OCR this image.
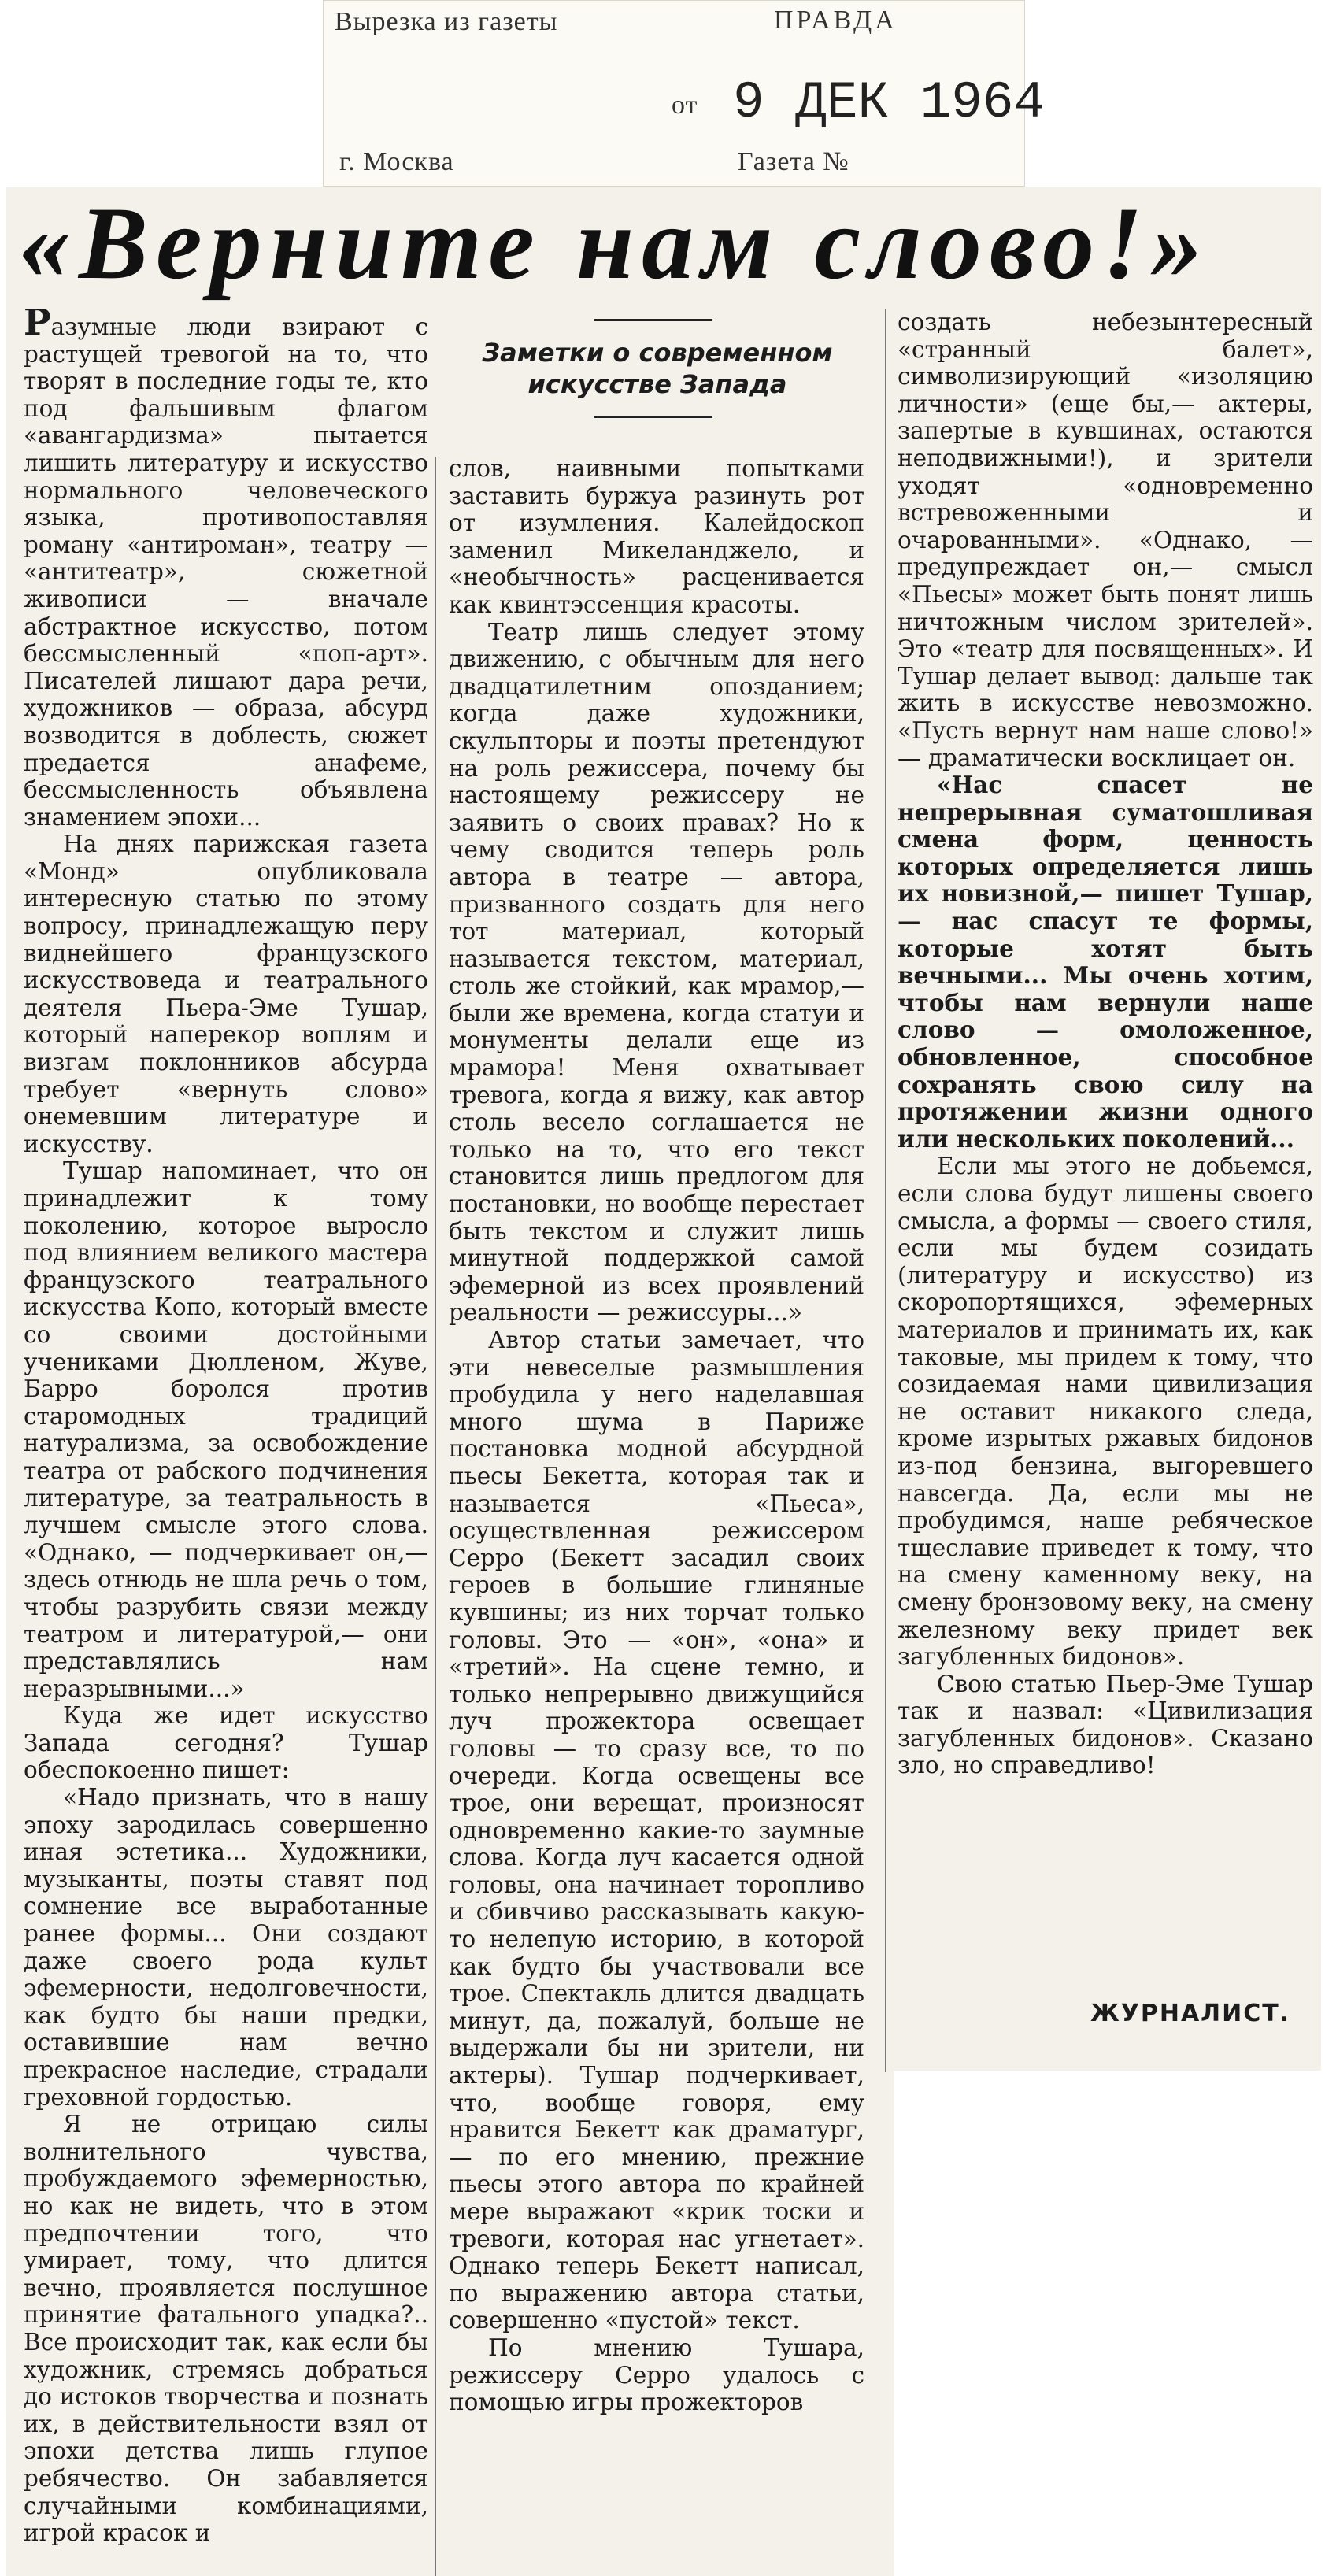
Вырезка из газеты	ПРАВДА
от 9 ДЕК 1964
г. Москва	Газета №
«Верните нам слово!»

Разумные люди взирают с растущей тревогой на то, что творят в последние годы те, кто под фальшивым флагом «авангардизма» пытается лишить литературу и искусство нормального человеческого языка, противопоставляя роману «антироман», театру — «антитеатр», сюжетной живописи — вначале абстрактное искусство, потом бессмысленный «поп-арт». Писателей лишают дара речи, художников — образа, абсурд возводится в доблесть, сюжет предается анафеме, бессмысленность объявлена знамением эпохи...

На днях парижская газета «Монд» опубликовала интересную статью по этому вопросу, принадлежащую перу виднейшего французского искусствоведа и театрального деятеля Пьера-Эме Тушар, который наперекор воплям и визгам поклонников абсурда требует «вернуть слово» онемевшим литературе и искусству.

Тушар напоминает, что он принадлежит к тому поколению, которое выросло под влиянием великого мастера французского театрального искусства Копо, который вместе со своими достойными учениками Дюлленом, Жуве, Барро боролся против старомодных традиций натурализма, за освобождение театра от рабского подчинения литературе, за театральность в лучшем смысле этого слова. «Однако, — подчеркивает он,— здесь отнюдь не шла речь о том, чтобы разрубить связи между театром и литературой,— они представлялись нам неразрывными...»

Куда же идет искусство Запада сегодня? Тушар обеспокоенно пишет:

«Надо признать, что в нашу эпоху зародилась совершенно иная эстетика... Художники, музыканты, поэты ставят под сомнение все выработанные ранее формы... Они создают даже своего рода культ эфемерности, недолговечности, как будто бы наши предки, оставившие нам вечно прекрасное наследие, страдали греховной гордостью.

Я не отрицаю силы волнительного чувства, пробуждаемого эфемерностью, но как не видеть, что в этом предпочтении того, что умирает, тому, что длится вечно, проявляется послушное принятие фатального упадка?.. Все происходит так, как если бы художник, стремясь добраться до истоков творчества и познать их, в действительности взял от эпохи детства лишь глупое ребячество. Он забавляется случайными комбинациями, игрой красок и

Заметки о современном искусстве Запада

слов, наивными попытками заставить буржуа разинуть рот от изумления. Калейдоскоп заменил Микеланджело, и «необычность» расценивается как квинтэссенция красоты.

Театр лишь следует этому движению, с обычным для него двадцатилетним опозданием; когда даже художники, скульпторы и поэты претендуют на роль режиссера, почему бы настоящему режиссеру не заявить о своих правах? Но к чему сводится теперь роль автора в театре — автора, призванного создать для него тот материал, который называется текстом, материал, столь же стойкий, как мрамор,— были же времена, когда статуи и монументы делали еще из мрамора! Меня охватывает тревога, когда я вижу, как автор столь весело соглашается не только на то, что его текст становится лишь предлогом для постановки, но вообще перестает быть текстом и служит лишь минутной поддержкой самой эфемерной из всех проявлений реальности — режиссуры...»

Автор статьи замечает, что эти невеселые размышления пробудила у него наделавшая много шума в Париже постановка модной абсурдной пьесы Бекетта, которая так и называется «Пьеса», осуществленная режиссером Серро (Бекетт засадил своих героев в большие глиняные кувшины; из них торчат только головы. Это — «он», «она» и «третий». На сцене темно, и только непрерывно движущийся луч прожектора освещает головы — то сразу все, то по очереди. Когда освещены все трое, они верещат, произносят одновременно какие-то заумные слова. Когда луч касается одной головы, она начинает торопливо и сбивчиво рассказывать какую-то нелепую историю, в которой как будто бы участвовали все трое. Спектакль длится двадцать минут, да, пожалуй, больше не выдержали бы ни зрители, ни актеры). Тушар подчеркивает, что, вообще говоря, ему нравится Бекетт как драматург,— по его мнению, прежние пьесы этого автора по крайней мере выражают «крик тоски и тревоги, которая нас угнетает». Однако теперь Бекетт написал, по выражению автора статьи, совершенно «пустой» текст.

По мнению Тушара, режиссеру Серро удалось с помощью игры прожекторов

создать небезынтересный «странный балет», символизирующий «изоляцию личности» (еще бы,— актеры, запертые в кувшинах, остаются неподвижными!), и зрители уходят «одновременно встревоженными и очарованными». «Однако, — предупреждает он,— смысл «Пьесы» может быть понят лишь ничтожным числом зрителей». Это «театр для посвященных». И Тушар делает вывод: дальше так жить в искусстве невозможно. «Пусть вернут нам наше слово!» — драматически восклицает он.

«Нас спасет не непрерывная суматошливая смена форм, ценность которых определяется лишь их новизной,— пишет Тушар,— нас спасут те формы, которые хотят быть вечными... Мы очень хотим, чтобы нам вернули наше слово — омоложенное, обновленное, способное сохранять свою силу на протяжении жизни одного или нескольких поколений...

Если мы этого не добьемся, если слова будут лишены своего смысла, а формы — своего стиля, если мы будем созидать (литературу и искусство) из скоропортящихся, эфемерных материалов и принимать их, как таковые, мы придем к тому, что созидаемая нами цивилизация не оставит никакого следа, кроме изрытых ржавых бидонов из-под бензина, выгоревшего навсегда. Да, если мы не пробудимся, наше ребяческое тщеславие приведет к тому, что на смену каменному веку, на смену бронзовому веку, на смену железному веку придет век загубленных бидонов».

Свою статью Пьер-Эме Тушар так и назвал: «Цивилизация загубленных бидонов». Сказано зло, но справедливо!

ЖУРНАЛИСТ.
